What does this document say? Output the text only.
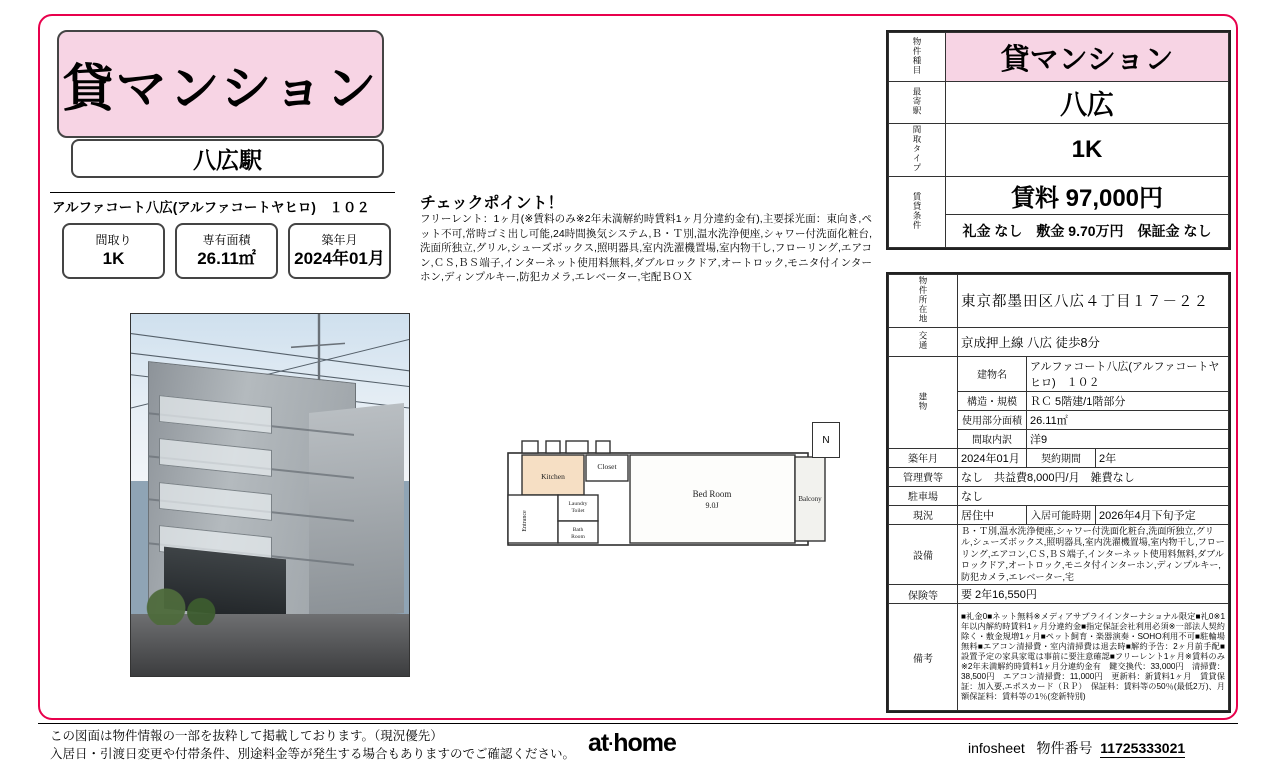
貸マンション
八広駅
アルファコート八広(アルファコートヤヒロ)　１０２
間取り
1K
専有面積
26.11㎡
築年月
2024年01月
チェックポイント！
フリーレント：1ヶ月(※賃料のみ※2年未満解約時賃料1ヶ月分違約金有),主要採光面：東向き,ペット不可,常時ゴミ出し可能,24時間換気システム,Ｂ・Ｔ別,温水洗浄便座,シャワー付洗面化粧台,洗面所独立,グリル,シューズボックス,照明器具,室内洗濯機置場,室内物干し,フローリング,エアコン,ＣＳ,ＢＳ端子,インターネット使用料無料,ダブルロックドア,オートロック,モニタ付インターホン,ディンプルキー,防犯カメラ,エレベーター,宅配ＢＯＸ
Kitchen
Closet
Bed Room
9.0J
Balcony
Laundry
Toilet
Bath
Room
Entrance
N
物件種目	貸マンション
最寄駅	八広
間取タイプ	1K
賃貸条件	賃料 97,000円
	礼金 なし　敷金 9.70万円　保証金 なし
物件所在地	東京都墨田区八広４丁目１７－２２		
交通	京成押上線 八広 徒歩8分		
建物	建物名	アルファコート八広(アルファコートヤヒロ)　１０２	
	構造・規模	ＲＣ 5階建/1階部分	
	使用部分面積	26.11㎡	
	間取内訳	洋9	
築年月	2024年01月	契約期間	2年
管理費等	なし　共益費8,000円/月　雑費なし		
駐車場	なし		
現況	居住中	入居可能時期	2026年4月下旬予定
設備	Ｂ・Ｔ別,温水洗浄便座,シャワー付洗面化粧台,洗面所独立,グリル,シューズボックス,照明器具,室内洗濯機置場,室内物干し,フローリング,エアコン,ＣＳ,ＢＳ端子,インターネット使用料無料,ダブルロックドア,オートロック,モニタ付インターホン,ディンプルキー,防犯カメラ,エレベーター,宅		
保険等	要 2年16,550円		
備考	■礼金0■ネット無料※メディアサプライインターナショナル限定■礼0※1年以内解約時賃料1ヶ月分違約金■指定保証会社利用必須※一部法人契約除く・敷金規増1ヶ月■ペット飼育・楽器演奏・SOHO利用不可■駐輪場無料■エアコン清掃費・室内清掃費は退去時■解約予告：2ヶ月前手配■設置予定の家具家電は事前に要注意確認■フリーレント1ヶ月※賃料のみ※2年未満解約時賃料1ヶ月分違約金有　鍵交換代：33,000円　清掃費：38,500円　エアコン清掃費：11,000円　更新料：新賃料1ヶ月　賃貸保証：加入要,エポスカード（ＲＰ）　保証料：賃料等の50％(最低2万)、月額保証料：賃料等の1％(変新特別)		
この図面は物件情報の一部を抜粋して掲載しております。（現況優先）
入居日・引渡日変更や付帯条件、別途料金等が発生する場合もありますのでご確認ください。 at·home	infosheet 物件番号 11725333021
